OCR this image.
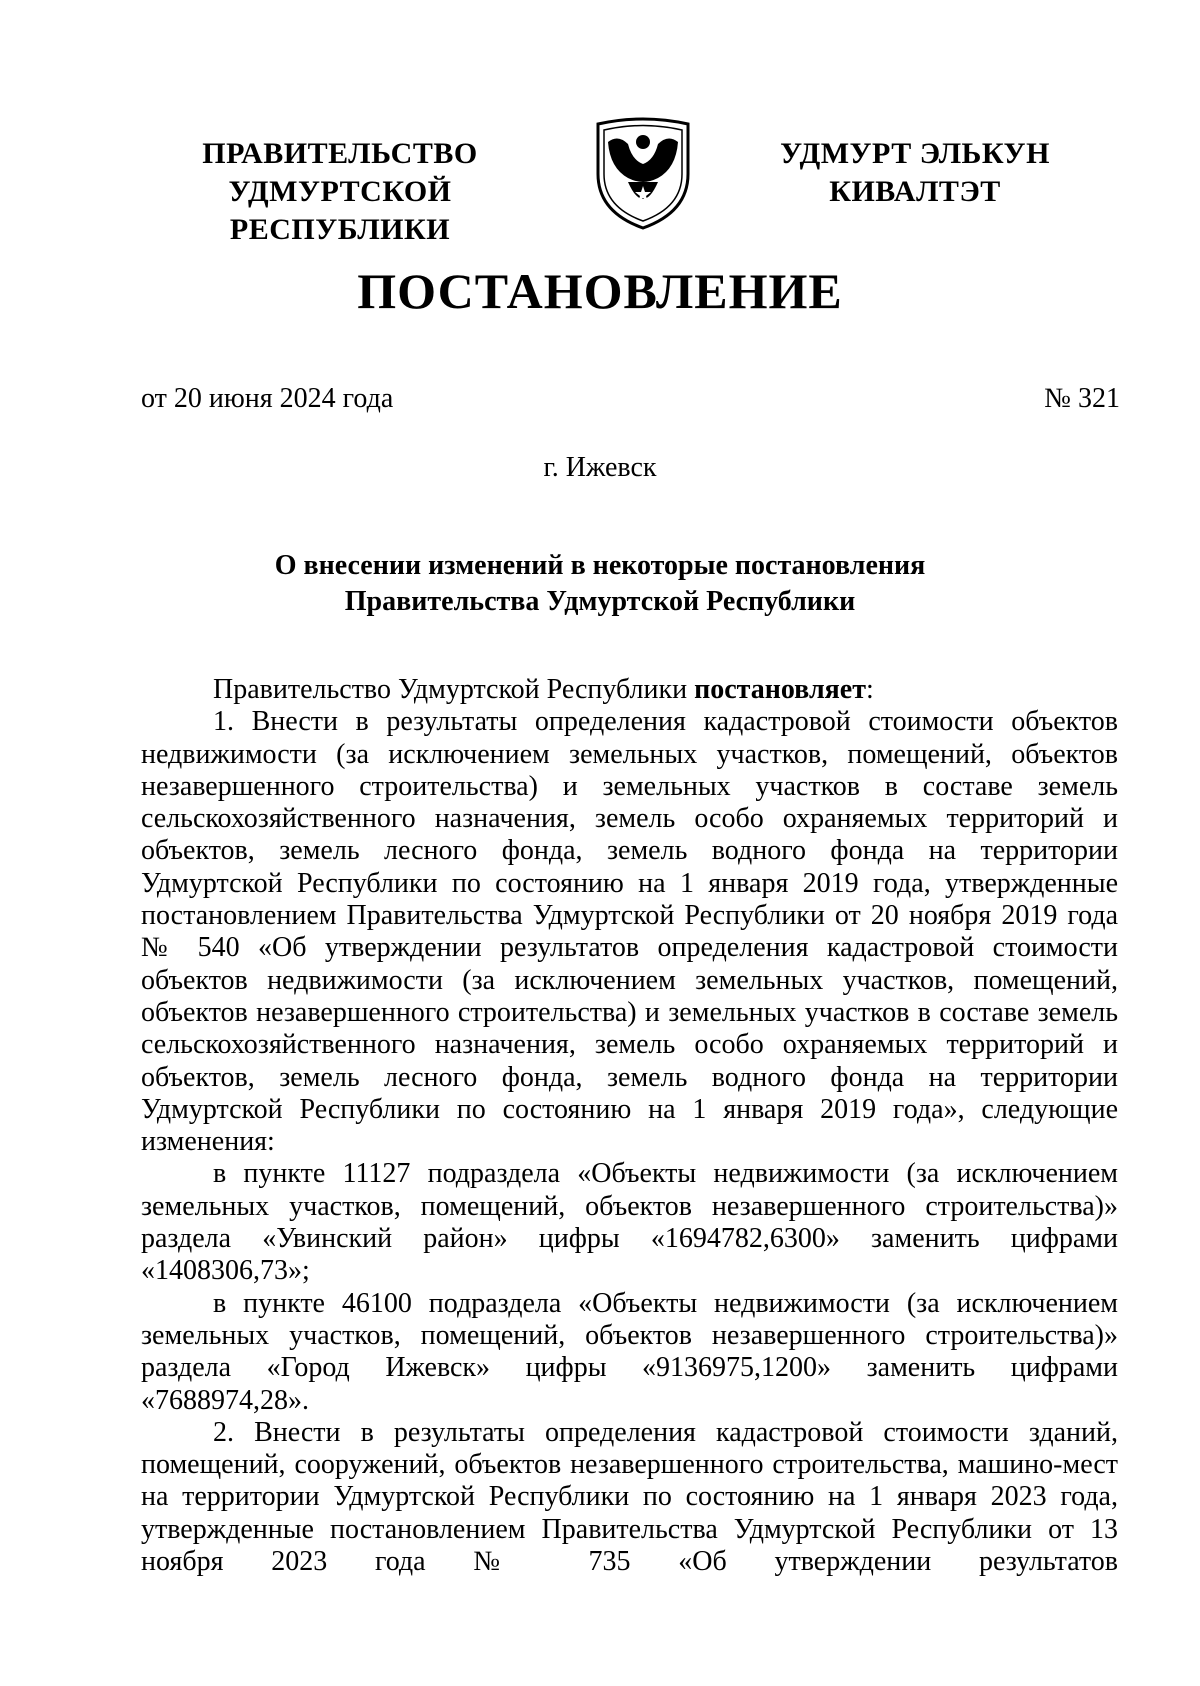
ПРАВИТЕЛЬСТВО
УДМУРТСКОЙ РЕСПУБЛИКИ
УДМУРТ ЭЛЬКУН
КИВАЛТЭТ
ПОСТАНОВЛЕНИЕ
от 20 июня 2024 года	№ 321
г. Ижевск
О внесении изменений в некоторые постановления
Правительства Удмуртской Республики

Правительство Удмуртской Республики постановляет:

1. Внести в результаты определения кадастровой стоимости объектов недвижимости (за исключением земельных участков, помещений, объектов незавершенного строительства) и земельных участков в составе земель сельскохозяйственного назначения, земель особо охраняемых территорий и объектов, земель лесного фонда, земель водного фонда на территории Удмуртской Республики по состоянию на 1 января 2019 года, утвержденные постановлением Правительства Удмуртской Республики от 20 ноября 2019 года № 540 «Об утверждении результатов определения кадастровой стоимости объектов недвижимости (за исключением земельных участков, помещений, объектов незавершенного строительства) и земельных участков в составе земель сельскохозяйственного назначения, земель особо охраняемых территорий и объектов, земель лесного фонда, земель водного фонда на территории Удмуртской Республики по состоянию на 1 января 2019 года», следующие изменения:

в пункте 11127 подраздела «Объекты недвижимости (за исключением земельных участков, помещений, объектов незавершенного строительства)» раздела «Увинский район» цифры «1694782,6300» заменить цифрами «1408306,73»;

в пункте 46100 подраздела «Объекты недвижимости (за исключением земельных участков, помещений, объектов незавершенного строительства)» раздела «Город Ижевск» цифры «9136975,1200» заменить цифрами «7688974,28».

2. Внести в результаты определения кадастровой стоимости зданий, помещений, сооружений, объектов незавершенного строительства, машино-мест на территории Удмуртской Республики по состоянию на 1 января 2023 года, утвержденные постановлением Правительства Удмуртской Республики от 13 ноября 2023 года № 735 «Об утверждении результатов
